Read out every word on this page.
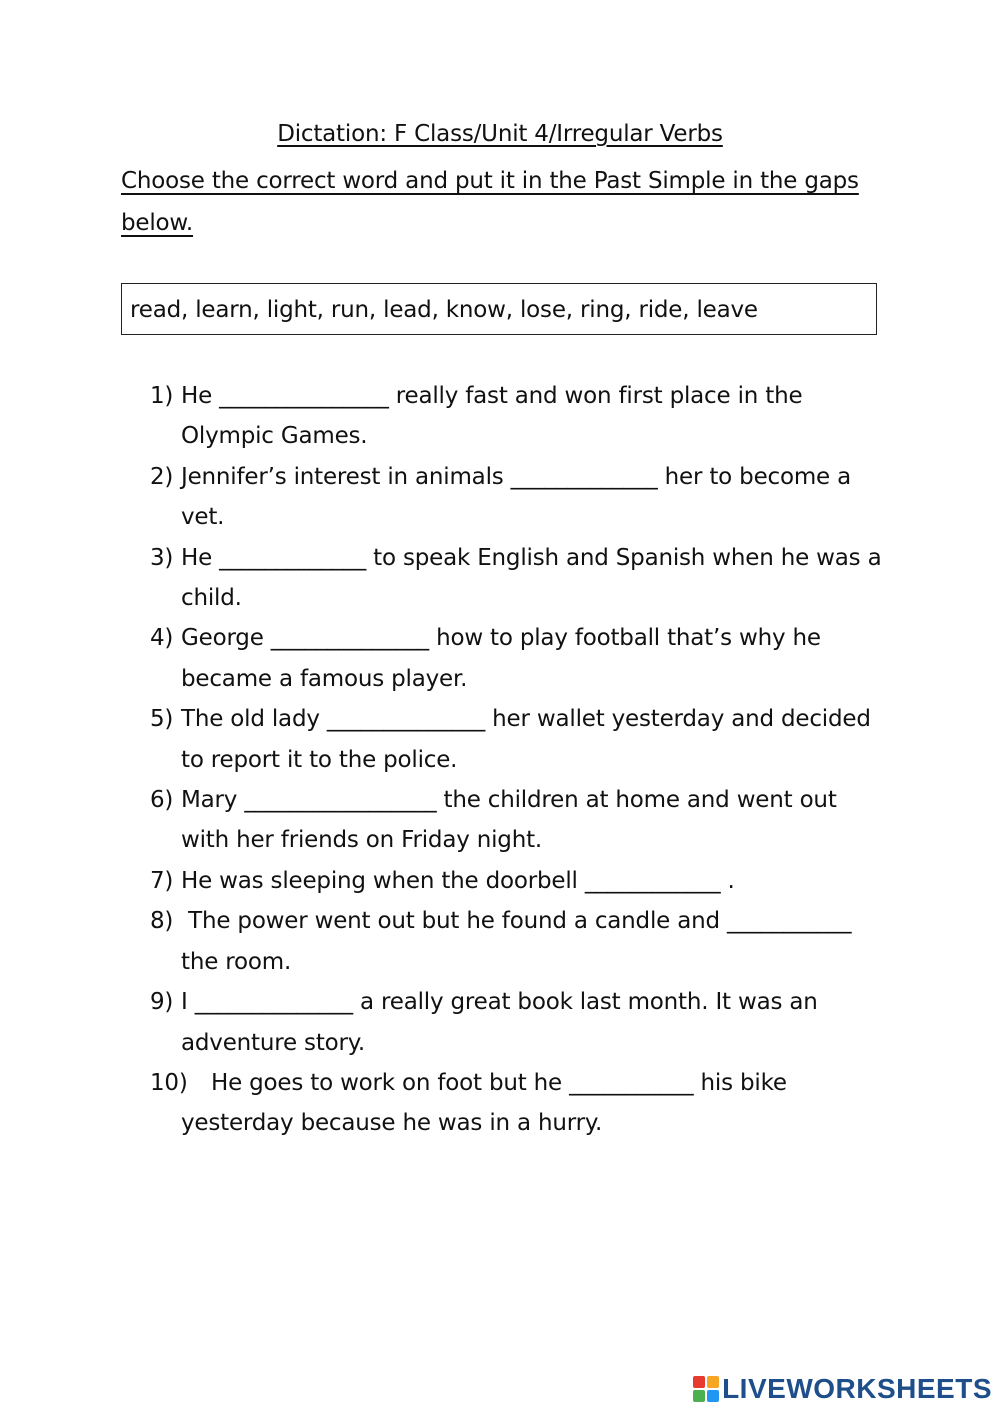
Dictation: F Class/Unit 4/Irregular Verbs
Choose the correct word and put it in the Past Simple in the gaps below.
read, learn, light, run, lead, know, lose, ring, ride, leave
1) He _______________ really fast and won first place in the Olympic Games.
2) Jennifer’s interest in animals _____________ her to become a vet.
3) He _____________ to speak English and Spanish when he was a child.
4) George ______________ how to play football that’s why he became a famous player.
5) The old lady ______________ her wallet yesterday and decided to report it to the police.
6) Mary _________________ the children at home and went out with her friends on Friday night.
7) He was sleeping when the doorbell ____________ .
8) The power went out but he found a candle and ___________ the room.
9) I ______________ a really great book last month. It was an adventure story.
10)	He goes to work on foot but he ___________ his bike yesterday because he was in a hurry.
LIVEWORKSHEETS
